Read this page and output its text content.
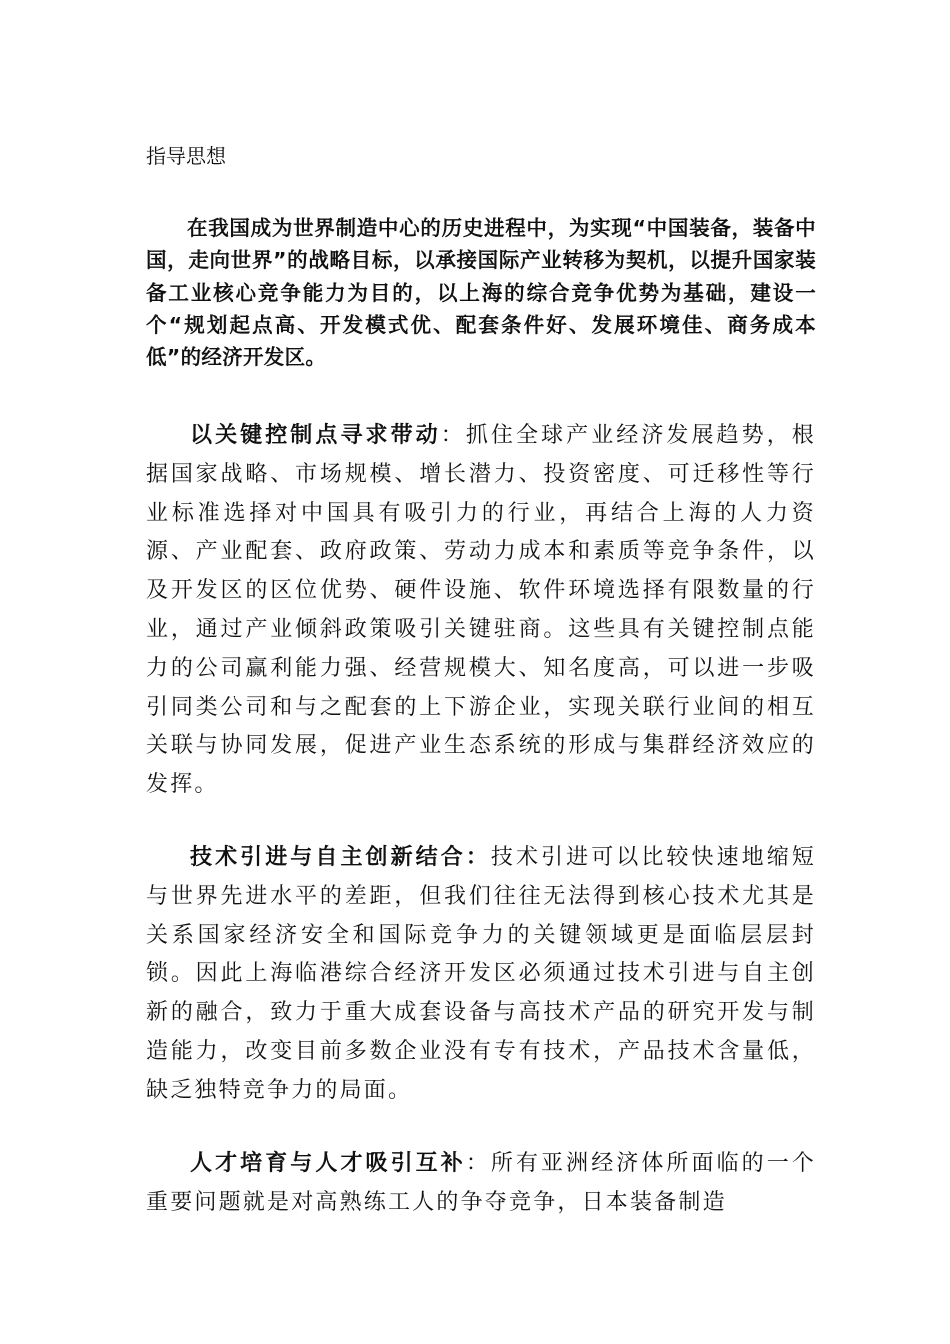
指导思想

在我国成为世界制造中心的历史进程中，为实现“中国装备，装备中国，走向世界”的战略目标，以承接国际产业转移为契机，以提升国家装备工业核心竞争能力为目的，以上海的综合竞争优势为基础，建设一个“规划起点高、开发模式优、配套条件好、发展环境佳、商务成本低”的经济开发区。

以关键控制点寻求带动：抓住全球产业经济发展趋势，根据国家战略、市场规模、增长潜力、投资密度、可迁移性等行业标准选择对中国具有吸引力的行业，再结合上海的人力资源、产业配套、政府政策、劳动力成本和素质等竞争条件，以及开发区的区位优势、硬件设施、软件环境选择有限数量的行业，通过产业倾斜政策吸引关键驻商。这些具有关键控制点能力的公司赢利能力强、经营规模大、知名度高，可以进一步吸引同类公司和与之配套的上下游企业，实现关联行业间的相互关联与协同发展，促进产业生态系统的形成与集群经济效应的发挥。

技术引进与自主创新结合：技术引进可以比较快速地缩短与世界先进水平的差距，但我们往往无法得到核心技术尤其是关系国家经济安全和国际竞争力的关键领域更是面临层层封锁。因此上海临港综合经济开发区必须通过技术引进与自主创新的融合，致力于重大成套设备与高技术产品的研究开发与制造能力，改变目前多数企业没有专有技术，产品技术含量低，缺乏独特竞争力的局面。

人才培育与人才吸引互补：所有亚洲经济体所面临的一个重要问题就是对高熟练工人的争夺竞争，日本装备制造
